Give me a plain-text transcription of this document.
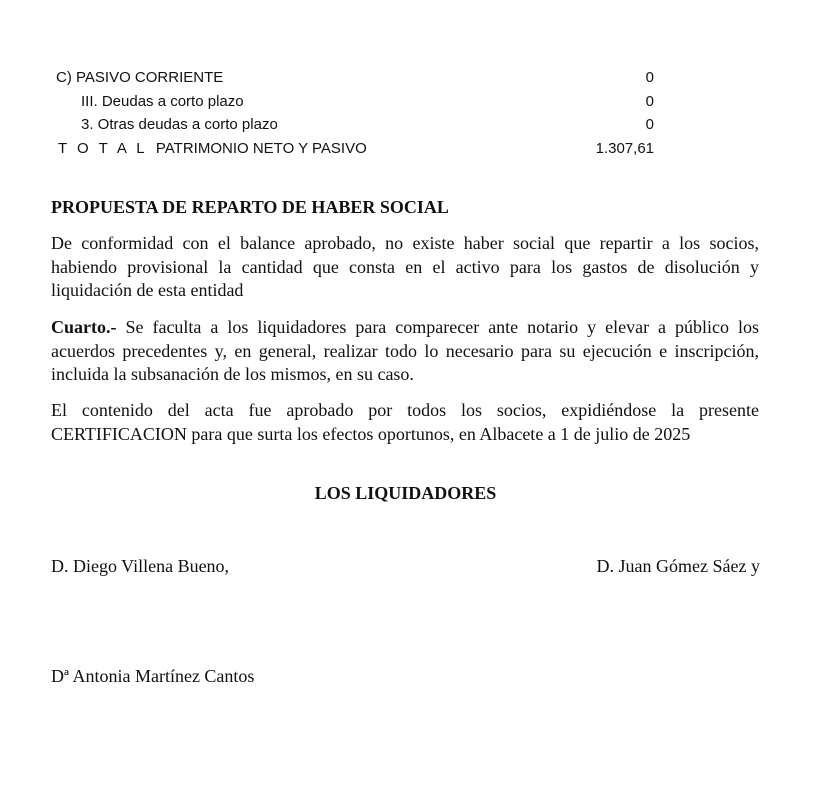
C) PASIVO CORRIENTE	0
III. Deudas a corto plazo	0
3. Otras deudas a corto plazo	0
T O T A L PATRIMONIO NETO Y PASIVO	1.307,61

PROPUESTA DE REPARTO DE HABER SOCIAL

De conformidad con el balance aprobado, no existe haber social que repartir a los socios, habiendo provisional la cantidad que consta en el activo para los gastos de disolución y liquidación de esta entidad

Cuarto.- Se faculta a los liquidadores para comparecer ante notario y elevar a público los acuerdos precedentes y, en general, realizar todo lo necesario para su ejecución e inscripción, incluida la subsanación de los mismos, en su caso.

El contenido del acta fue aprobado por todos los socios, expidiéndose la presente CERTIFICACION para que surta los efectos oportunos, en Albacete a 1 de julio de 2025

LOS LIQUIDADORES

D. Diego Villena Bueno,	D. Juan Gómez Sáez y

Dª Antonia Martínez Cantos
